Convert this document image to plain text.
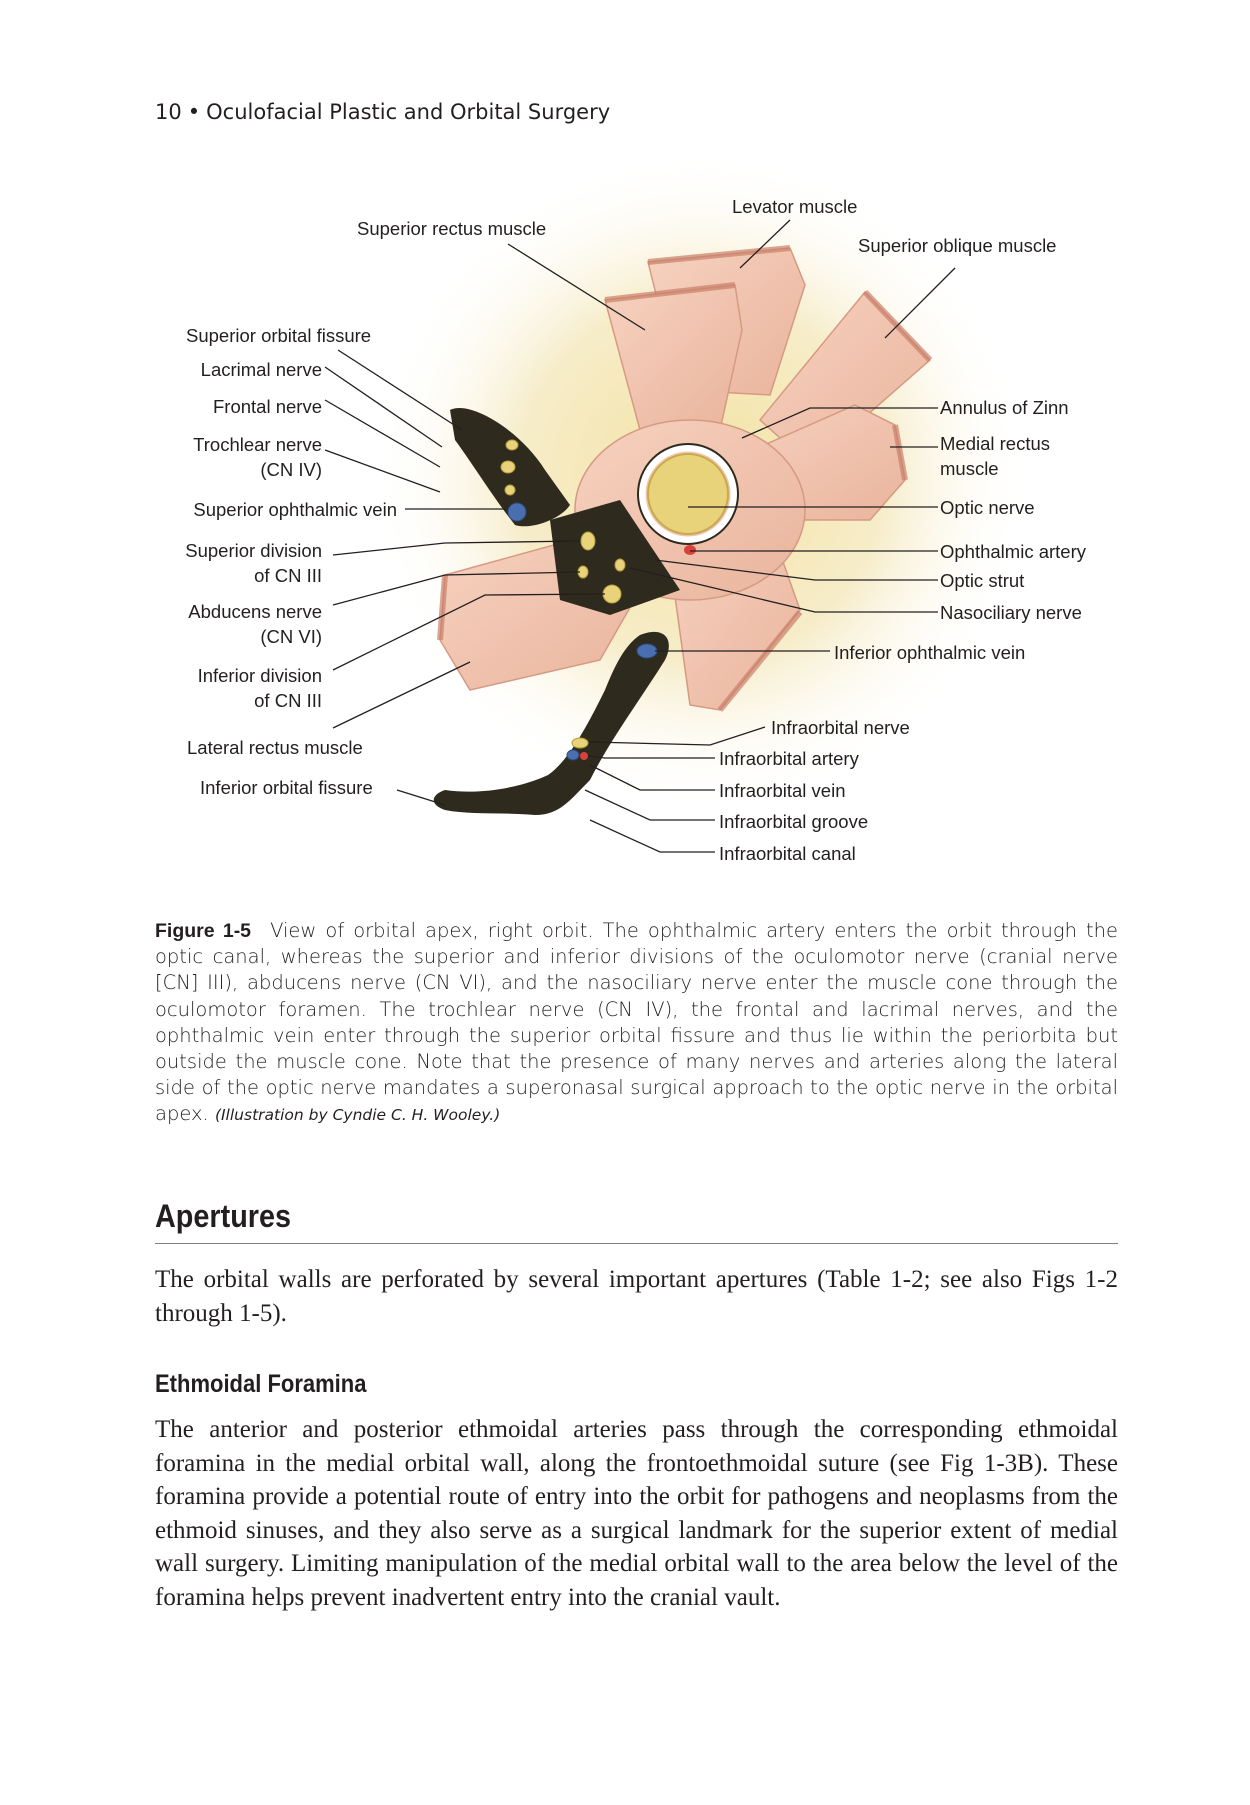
10 • Oculofacial Plastic and Orbital Surgery
Superior rectus muscle
Levator muscle
Superior oblique muscle
Superior orbital fissure
Lacrimal nerve
Frontal nerve
Trochlear nerve
(CN IV)
Superior ophthalmic vein
Superior division
of CN III
Abducens nerve
(CN VI)
Inferior division
of CN III
Lateral rectus muscle
Inferior orbital fissure
Annulus of Zinn
Medial rectus
muscle
Optic nerve
Ophthalmic artery
Optic strut
Nasociliary nerve
Inferior ophthalmic vein
Infraorbital nerve
Infraorbital artery
Infraorbital vein
Infraorbital groove
Infraorbital canal
Figure 1-5 View of orbital apex, right orbit. The ophthalmic artery enters the orbit through the optic canal, whereas the superior and inferior divisions of the oculomotor nerve (cranial nerve [CN] III), abducens nerve (CN VI), and the nasociliary nerve enter the muscle cone through the oculomotor foramen. The trochlear nerve (CN IV), the frontal and lacrimal nerves, and the ophthalmic vein enter through the superior orbital fissure and thus lie within the periorbita but outside the muscle cone. Note that the presence of many nerves and arteries along the lateral side of the optic nerve mandates a superonasal surgical approach to the optic nerve in the orbital apex. (Illustration by Cyndie C. H. Wooley.)
Apertures

The orbital walls are perforated by several important apertures (Table 1-2; see also Figs 1-2 through 1-5).

Ethmoidal Foramina

The anterior and posterior ethmoidal arteries pass through the corresponding ethmoidal foramina in the medial orbital wall, along the frontoethmoidal suture (see Fig 1-3B). These foramina provide a potential route of entry into the orbit for pathogens and neoplasms from the ethmoid sinuses, and they also serve as a surgical landmark for the superior extent of medial wall surgery. Limiting manipulation of the medial orbital wall to the area below the level of the foramina helps prevent inadvertent entry into the cranial vault.
